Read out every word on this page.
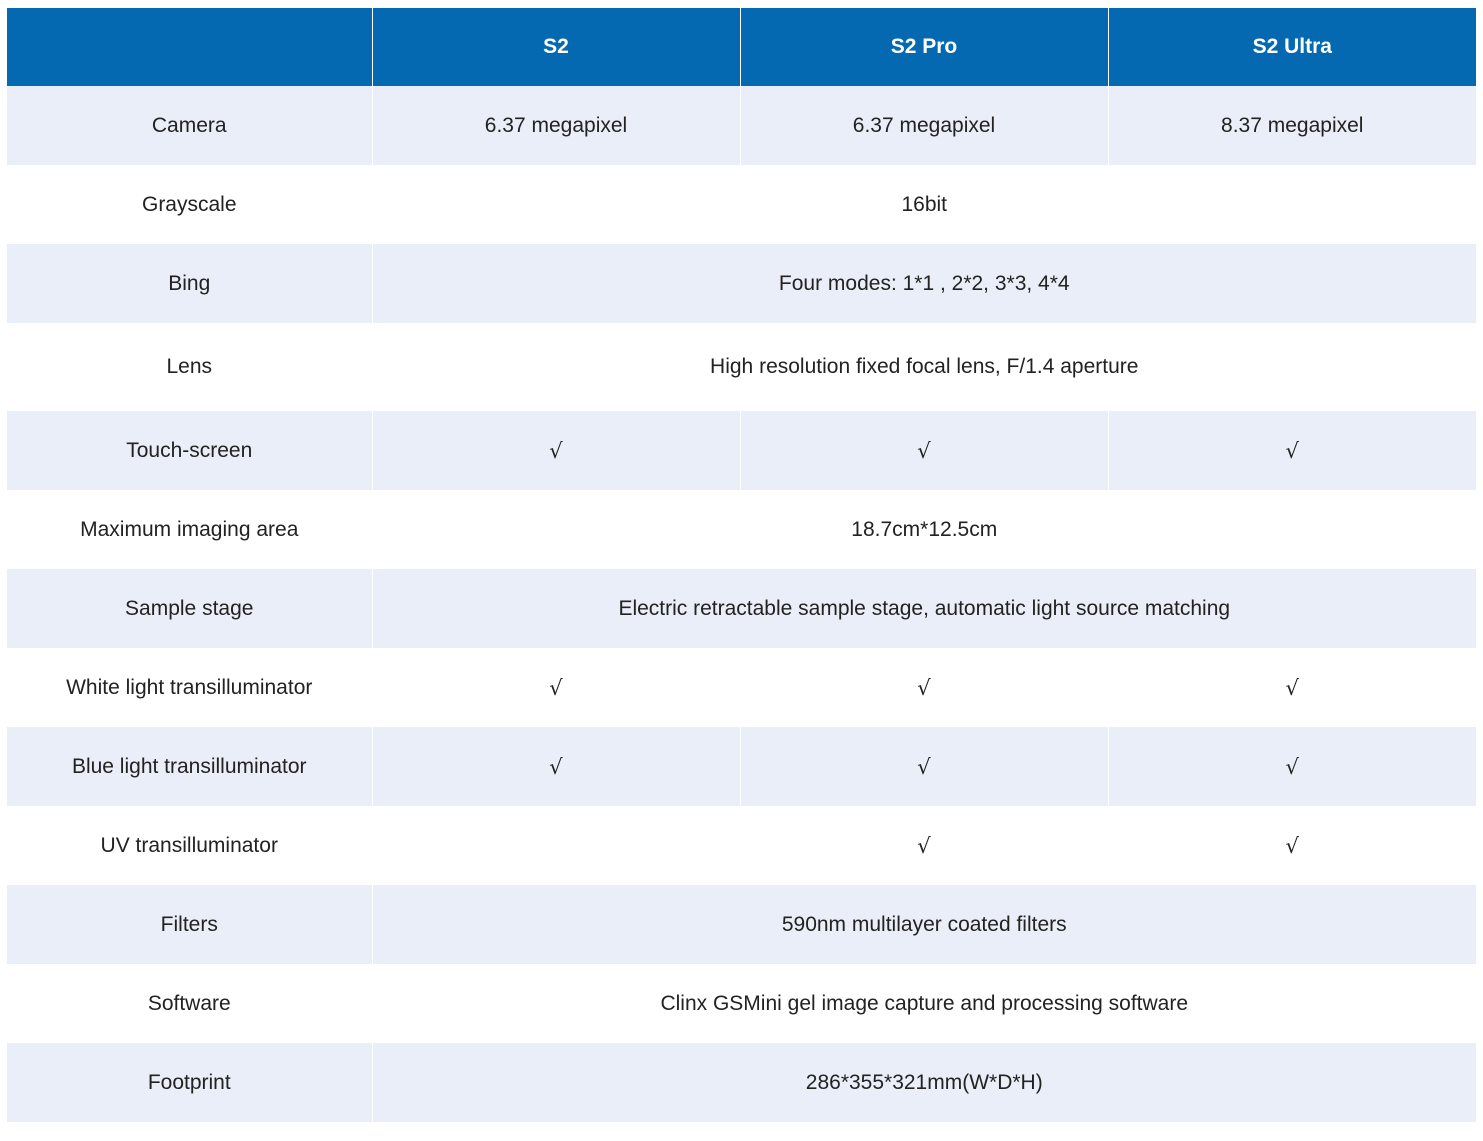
	S2	S2 Pro	S2 Ultra
Camera	6.37 megapixel	6.37 megapixel	8.37 megapixel
Grayscale	16bit		
Bing	Four modes: 1*1 , 2*2, 3*3, 4*4		
Lens	High resolution fixed focal lens, F/1.4 aperture		
Touch-screen	√	√	√
Maximum imaging area	18.7cm*12.5cm		
Sample stage	Electric retractable sample stage, automatic light source matching		
White light transilluminator	√	√	√
Blue light transilluminator	√	√	√
UV transilluminator		√	√
Filters	590nm multilayer coated filters		
Software	Clinx GSMini gel image capture and processing software		
Footprint	286*355*321mm(W*D*H)		
